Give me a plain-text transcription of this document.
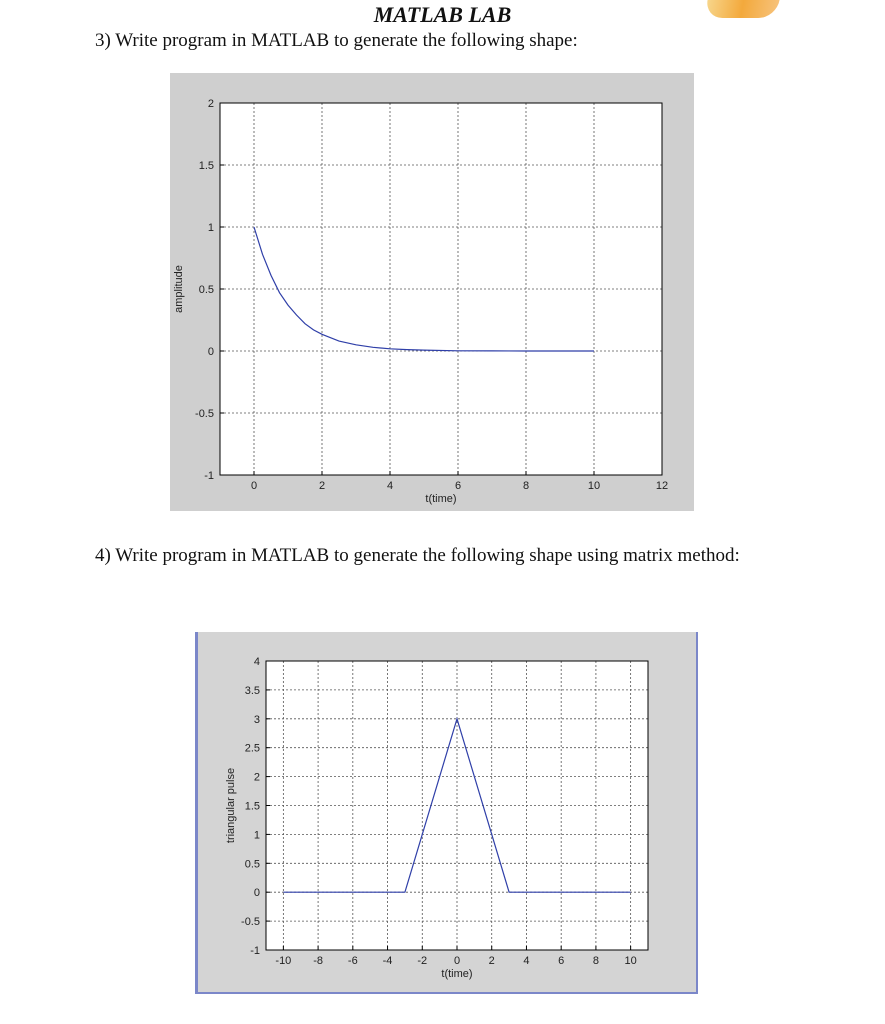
MATLAB LAB
3) Write program in MATLAB to generate the following shape:
4) Write program in MATLAB to generate the following shape using matrix method:
0	2	4	6	8	10	12
-1
-0.5
0
0.5
1
1.5
2
t(time)
amplitude
-10 -8 -6 -4 -2 0	2	4	6	8 10
-1
-0.5
0
0.5
1
1.5
2
2.5
3
3.5
4
t(time)
triangular pulse
